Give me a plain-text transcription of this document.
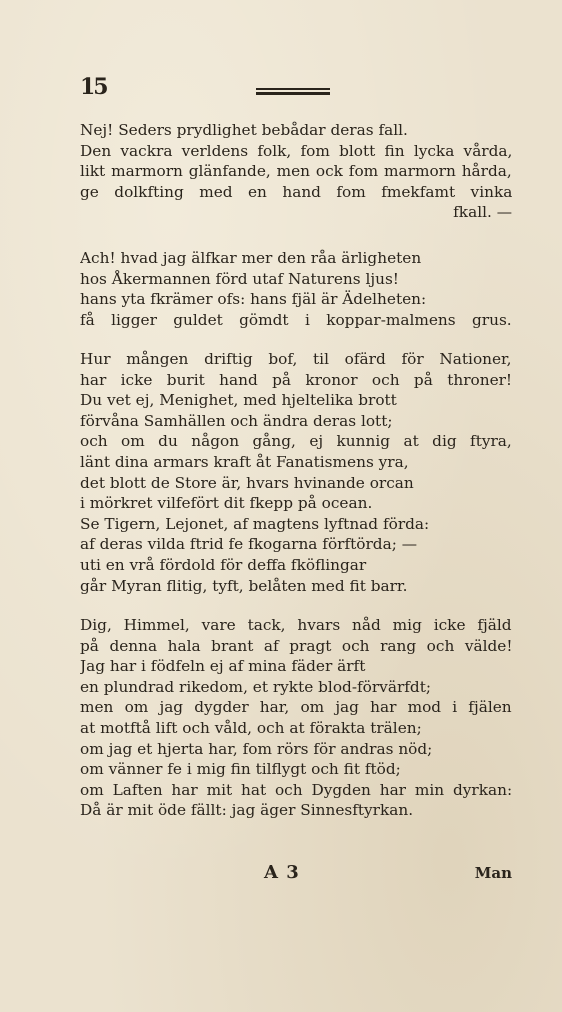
15
Nej! Seders prydlighet bebådar deras fall.
Den vackra verldens folk, fom blott fin lycka vårda,
likt marmorn glänfande, men ock fom marmorn hårda,
ge dolkfting med en hand fom fmekfamt vinka
fkall. —
Ach! hvad jag älfkar mer den råa ärligheten
hos Åkermannen förd utaf Naturens ljus!
hans yta fkrämer ofs: hans fjäl är Ädelheten:
få ligger guldet gömdt i koppar-malmens grus.
Hur mången driftig bof, til ofärd för Nationer,
har icke burit hand på kronor och på throner!
Du vet ej, Menighet, med hjeltelika brott
förvåna Samhällen och ändra deras lott;
och om du någon gång, ej kunnig at dig ftyra,
länt dina armars kraft åt Fanatismens yra,
det blott de Store är, hvars hvinande orcan
i mörkret vilfefört dit fkepp på ocean.
Se Tigern, Lejonet, af magtens lyftnad förda:
af deras vilda ftrid fe fkogarna förftörda; —
uti en vrå fördold för deffa fköflingar
går Myran flitig, tyft, belåten med fit barr.
Dig, Himmel, vare tack, hvars nåd mig icke fjäld
på denna hala brant af pragt och rang och välde!
Jag har i födfeln ej af mina fäder ärft
en plundrad rikedom, et rykte blod-förvärfdt;
men om jag dygder har, om jag har mod i fjälen
at motftå lift och våld, och at förakta trälen;
om jag et hjerta har, fom rörs för andras nöd;
om vänner fe i mig fin tilflygt och fit ftöd;
om Laften har mit hat och Dygden har min dyrkan:
Då är mit öde fällt: jag äger Sinnesftyrkan.
A 3	Man
